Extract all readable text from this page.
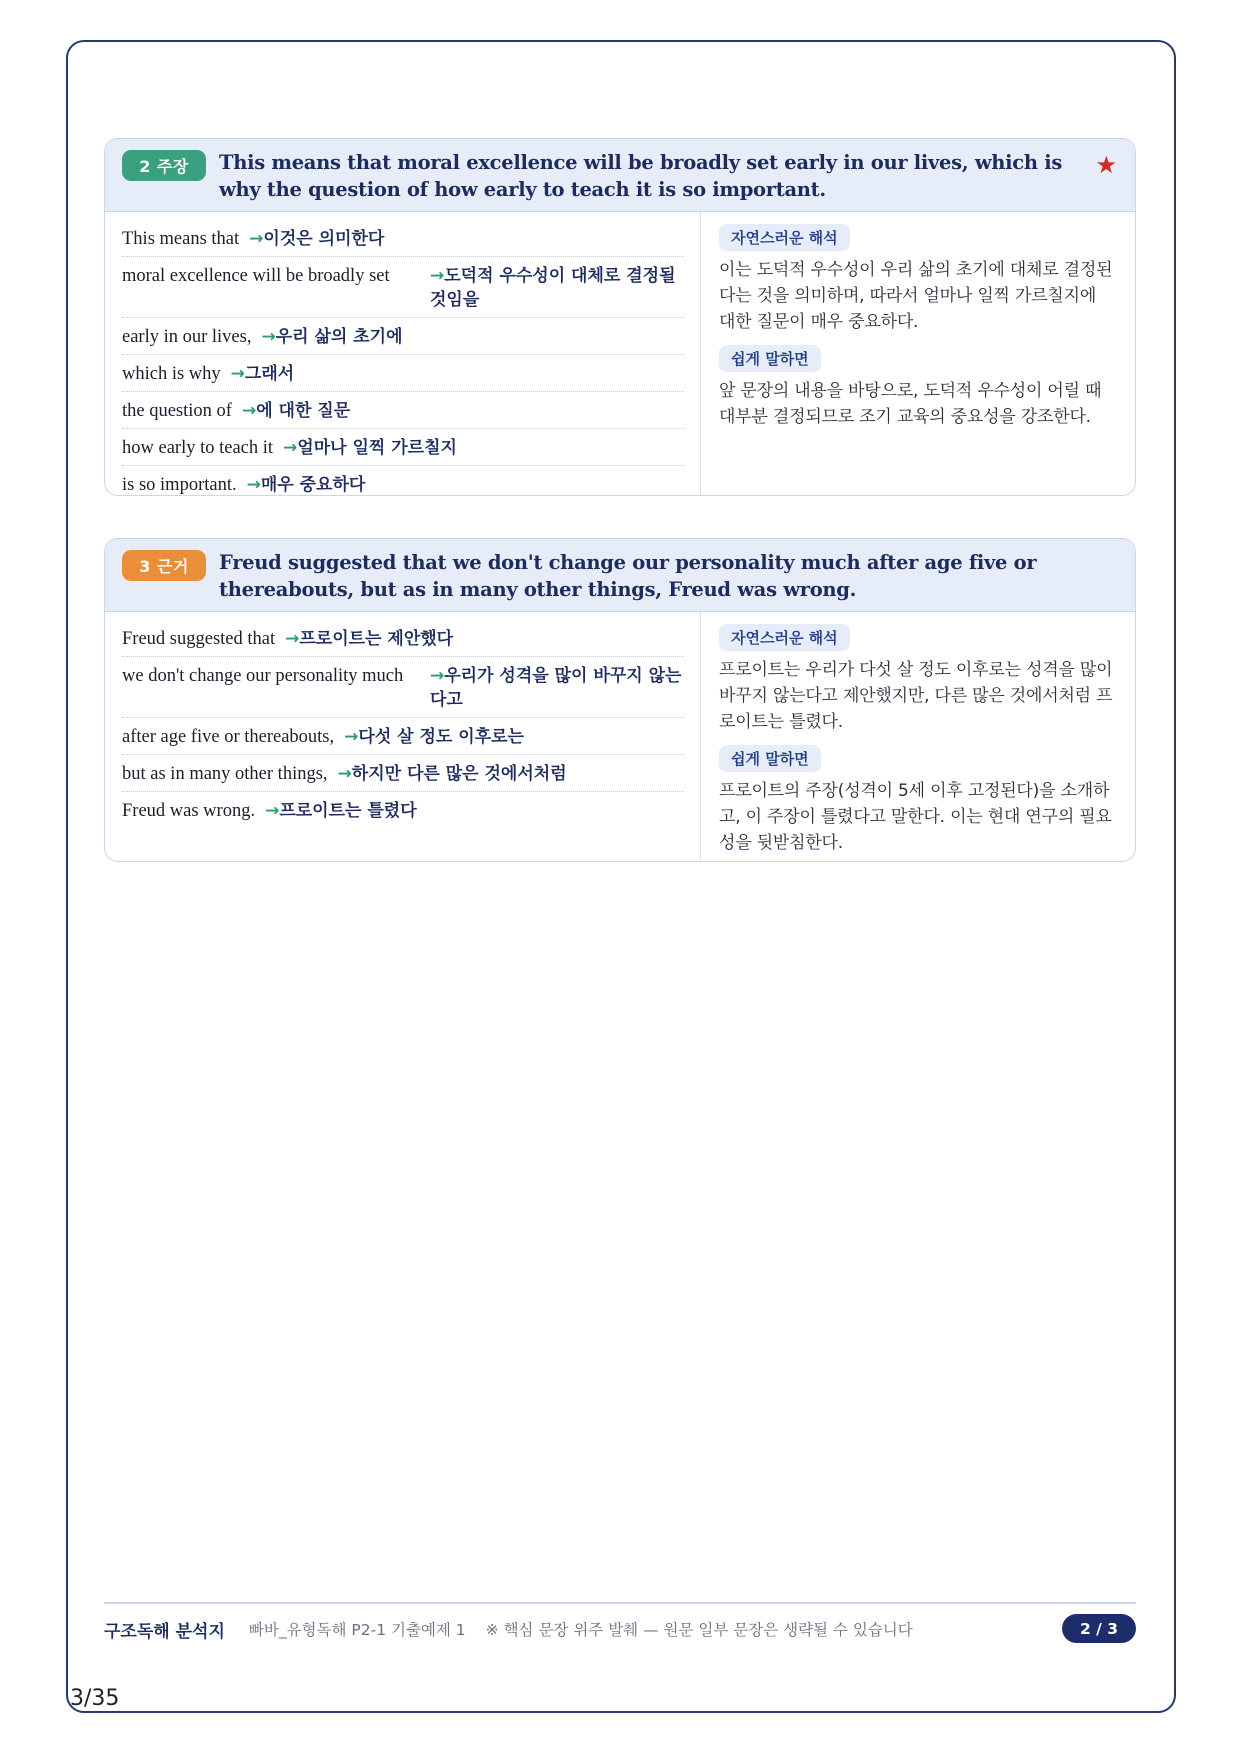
2 주장	This means that moral excellence will be broadly set early in our lives, which is why the question of how early to teach it is so important.
★
This means that →이것은 의미한다
moral excellence will be broadly set	→도덕적 우수성이 대체로 결정될 것임을
early in our lives, →우리 삶의 초기에
which is why →그래서
the question of →에 대한 질문
how early to teach it →얼마나 일찍 가르칠지
is so important. →매우 중요하다
자연스러운 해석
이는 도덕적 우수성이 우리 삶의 초기에 대체로 결정된다는 것을 의미하며, 따라서 얼마나 일찍 가르칠지에 대한 질문이 매우 중요하다.
쉽게 말하면
앞 문장의 내용을 바탕으로, 도덕적 우수성이 어릴 때 대부분 결정되므로 조기 교육의 중요성을 강조한다.
3 근거	Freud suggested that we don't change our personality much after age five or thereabouts, but as in many other things, Freud was wrong.
Freud suggested that →프로이트는 제안했다
we don't change our personality much	→우리가 성격을 많이 바꾸지 않는다고
after age five or thereabouts, →다섯 살 정도 이후로는
but as in many other things, →하지만 다른 많은 것에서처럼
Freud was wrong. →프로이트는 틀렸다
자연스러운 해석
프로이트는 우리가 다섯 살 정도 이후로는 성격을 많이 바꾸지 않는다고 제안했지만, 다른 많은 것에서처럼 프로이트는 틀렸다.
쉽게 말하면
프로이트의 주장(성격이 5세 이후 고정된다)을 소개하고, 이 주장이 틀렸다고 말한다. 이는 현대 연구의 필요성을 뒷받침한다.
구조독해 분석지 빠바_유형독해 P2-1 기출예제 1 ※ 핵심 문장 위주 발췌 — 원문 일부 문장은 생략될 수 있습니다	2 / 3
3/35
